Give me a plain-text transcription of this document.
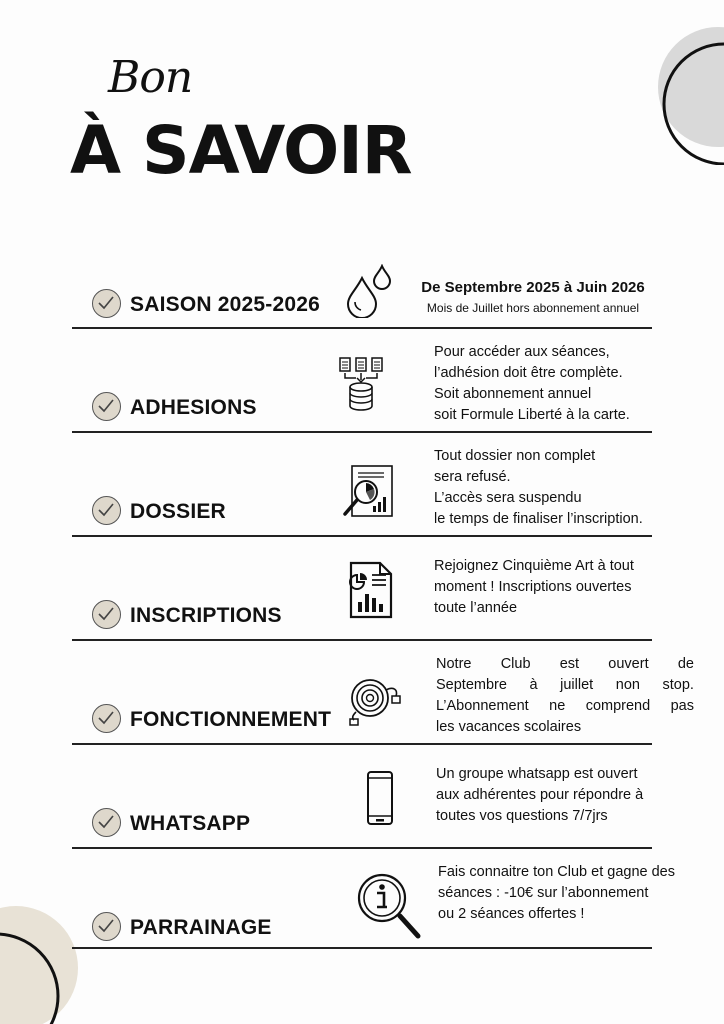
Bon
À SAVOIR
SAISON 2025-2026

De Septembre 2025 à Juin 2026

Mois de Juillet hors abonnement annuel

ADHESIONS

Pour accéder aux séances,

l’adhésion doit être complète.

Soit abonnement annuel

soit Formule Liberté à la carte.

DOSSIER

Tout dossier non complet

sera refusé.

L’accès sera suspendu

le temps de finaliser l’inscription.

INSCRIPTIONS

Rejoignez Cinquième Art à tout

moment ! Inscriptions ouvertes

toute l’année

FONCTIONNEMENT

Notre Club est ouvert de

Septembre à juillet non stop.

L’Abonnement ne comprend pas

les vacances scolaires

WHATSAPP

Un groupe whatsapp est ouvert

aux adhérentes pour répondre à

toutes vos questions 7/7jrs

PARRAINAGE

Fais connaitre ton Club et gagne des

séances : -10€ sur l’abonnement

ou 2 séances offertes !
